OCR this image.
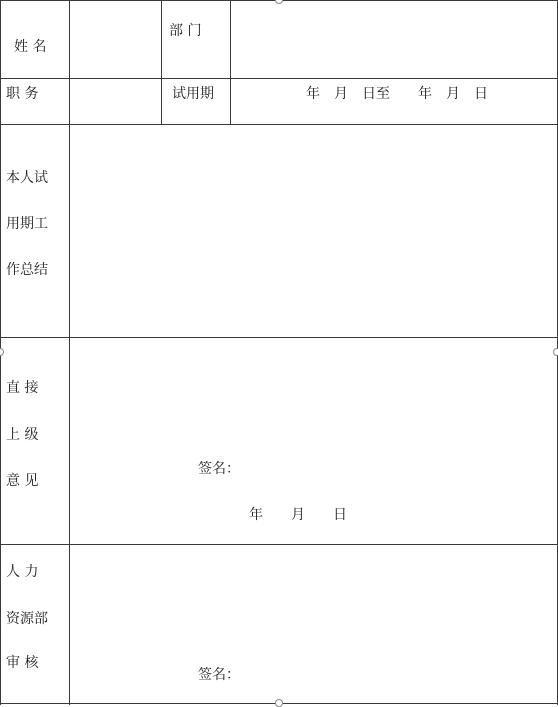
姓 名
部 门
职 务	试用期	年　月　日至　　年　月　日
本人试
用期工
作总结
直 接
上 级
意 见
签名：
年　　月　　日
人 力
资源部
审 核
签名：
